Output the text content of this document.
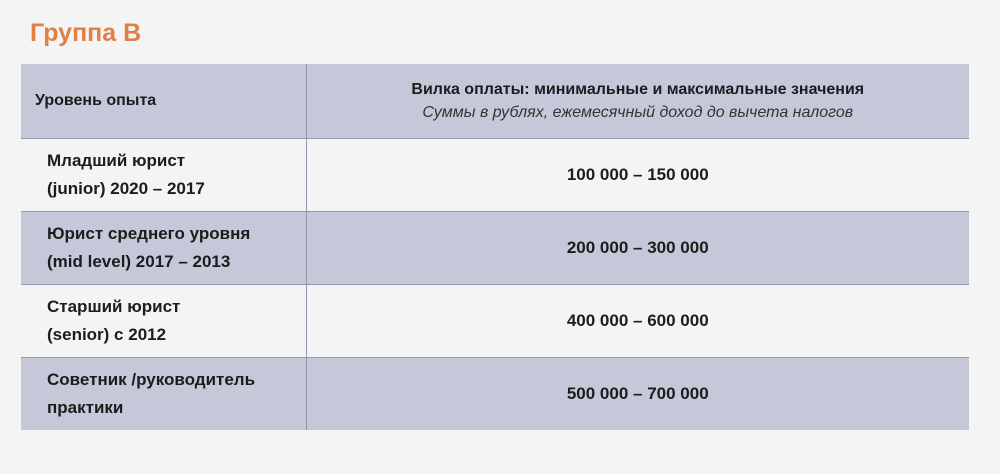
Группа В
Уровень опыта	Вилка оплаты: минимальные и максимальные значения
Суммы в рублях, ежемесячный доход до вычета налогов

Младший юрист
(junior) 2020 – 2017	100 000 – 150 000

Юрист среднего уровня
(mid level) 2017 – 2013	200 000 – 300 000

Старший юрист
(senior) с 2012	400 000 – 600 000

Советник /руководитель
практики	500 000 – 700 000
